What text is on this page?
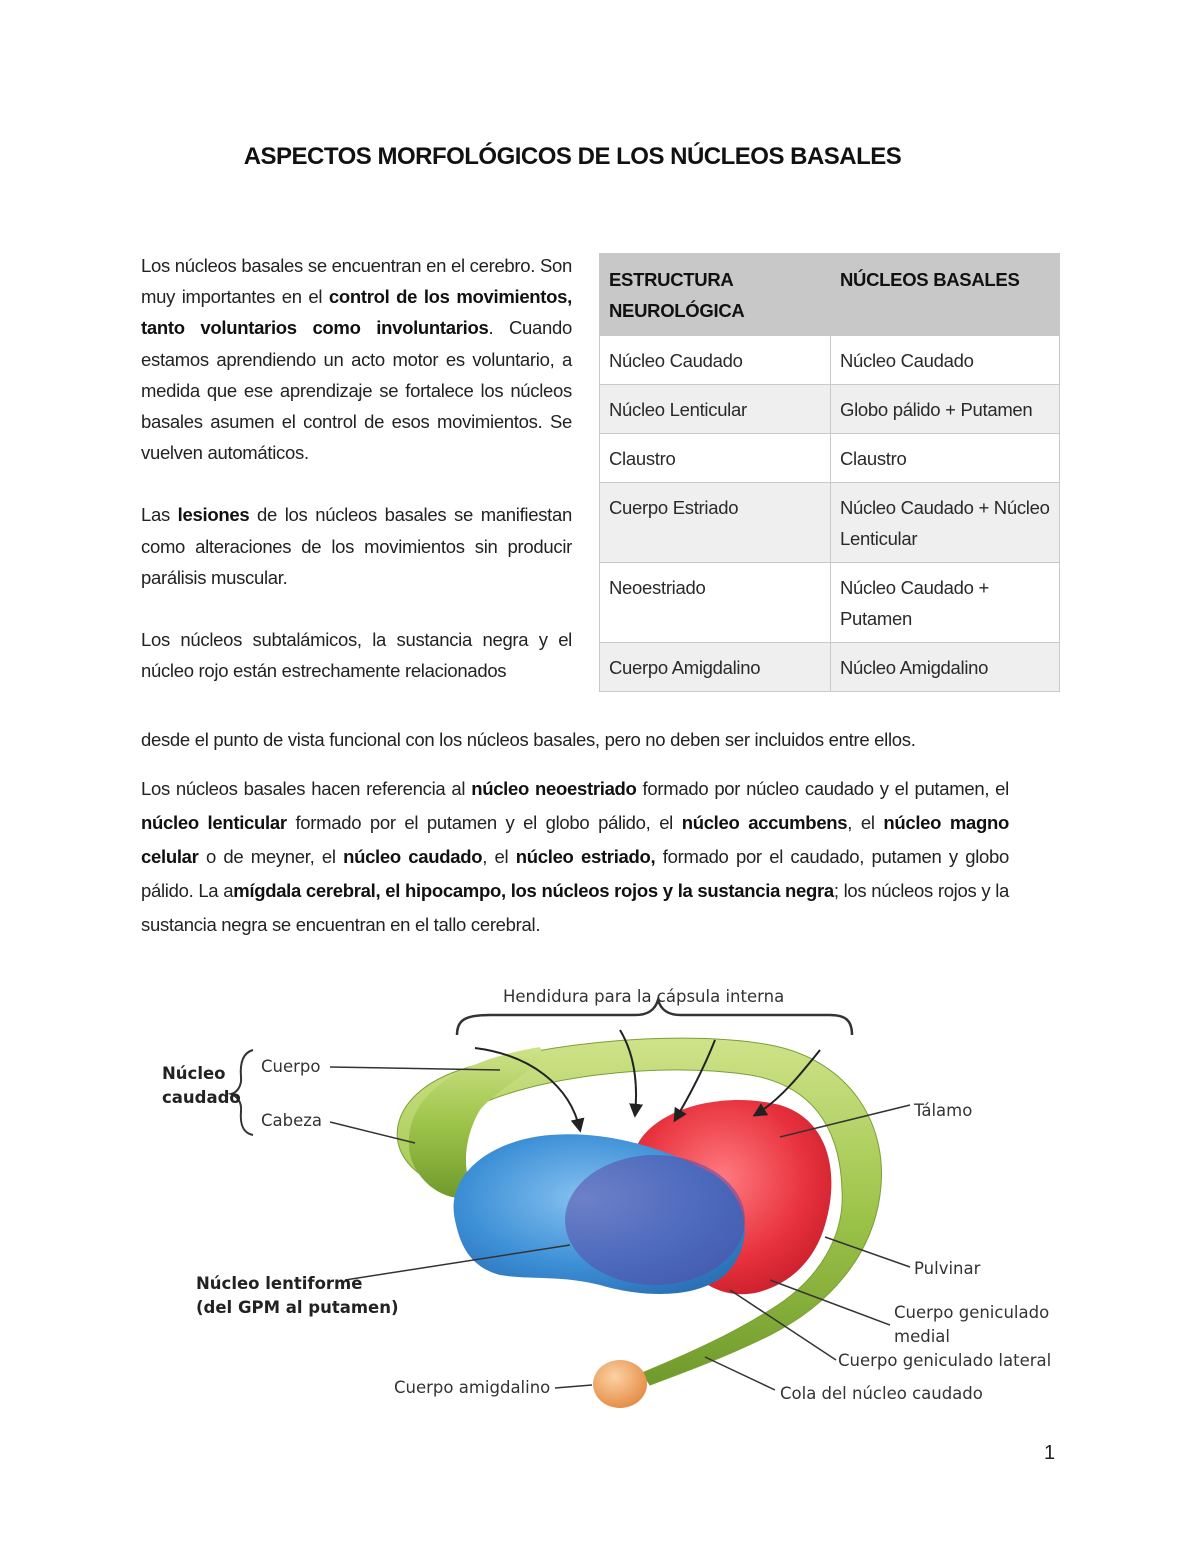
ASPECTOS MORFOLÓGICOS DE LOS NÚCLEOS BASALES

Los núcleos basales se encuentran en el cerebro. Son muy importantes en el control de los movimientos, tanto voluntarios como involuntarios. Cuando estamos aprendiendo un acto motor es voluntario, a medida que ese aprendizaje se fortalece los núcleos basales asumen el control de esos movimientos. Se vuelven automáticos.

Las lesiones de los núcleos basales se manifiestan como alteraciones de los movimientos sin producir parálisis muscular.

Los núcleos subtalámicos, la sustancia negra y el núcleo rojo están estrechamente relacionados

desde el punto de vista funcional con los núcleos basales, pero no deben ser incluidos entre ellos.
ESTRUCTURA NEUROLÓGICA	NÚCLEOS BASALES
Núcleo Caudado	Núcleo Caudado
Núcleo Lenticular	Globo pálido + Putamen
Claustro	Claustro
Cuerpo Estriado	Núcleo Caudado + Núcleo Lenticular
Neoestriado	Núcleo Caudado + Putamen
Cuerpo Amigdalino	Núcleo Amigdalino
Los núcleos basales hacen referencia al núcleo neoestriado formado por núcleo caudado y el putamen, el núcleo lenticular formado por el putamen y el globo pálido, el núcleo accumbens, el núcleo magno celular o de meyner, el núcleo caudado, el núcleo estriado, formado por el caudado, putamen y globo pálido. La amígdala cerebral, el hipocampo, los núcleos rojos y la sustancia negra; los núcleos rojos y la sustancia negra se encuentran en el tallo cerebral.
Hendidura para la cápsula interna
Núcleo
caudado
Cuerpo
Cabeza
Tálamo
Pulvinar
Cuerpo geniculado
medial
Cuerpo geniculado lateral
Cola del núcleo caudado
Núcleo lentiforme
(del GPM al putamen)
Cuerpo amigdalino
1
